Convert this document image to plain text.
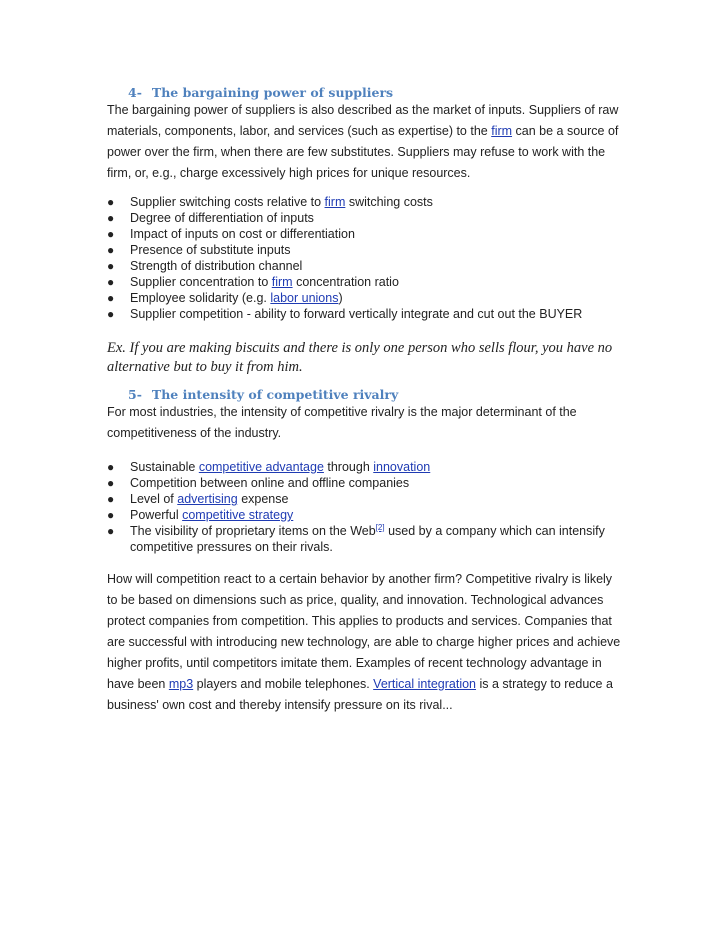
4- The bargaining power of suppliers

The bargaining power of suppliers is also described as the market of inputs. Suppliers of raw materials, components, labor, and services (such as expertise) to the firm can be a source of power over the firm, when there are few substitutes. Suppliers may refuse to work with the firm, or, e.g., charge excessively high prices for unique resources.

● Supplier switching costs relative to firm switching costs
● Degree of differentiation of inputs
● Impact of inputs on cost or differentiation
● Presence of substitute inputs
● Strength of distribution channel
● Supplier concentration to firm concentration ratio
● Employee solidarity (e.g. labor unions)
● Supplier competition - ability to forward vertically integrate and cut out the BUYER

Ex. If you are making biscuits and there is only one person who sells flour, you have no alternative but to buy it from him.

5- The intensity of competitive rivalry

For most industries, the intensity of competitive rivalry is the major determinant of the competitiveness of the industry.

● Sustainable competitive advantage through innovation
● Competition between online and offline companies
● Level of advertising expense
● Powerful competitive strategy
● The visibility of proprietary items on the Web[2] used by a company which can intensify competitive pressures on their rivals.

How will competition react to a certain behavior by another firm? Competitive rivalry is likely to be based on dimensions such as price, quality, and innovation. Technological advances protect companies from competition. This applies to products and services. Companies that are successful with introducing new technology, are able to charge higher prices and achieve higher profits, until competitors imitate them. Examples of recent technology advantage in have been mp3 players and mobile telephones. Vertical integration is a strategy to reduce a business' own cost and thereby intensify pressure on its rival...
